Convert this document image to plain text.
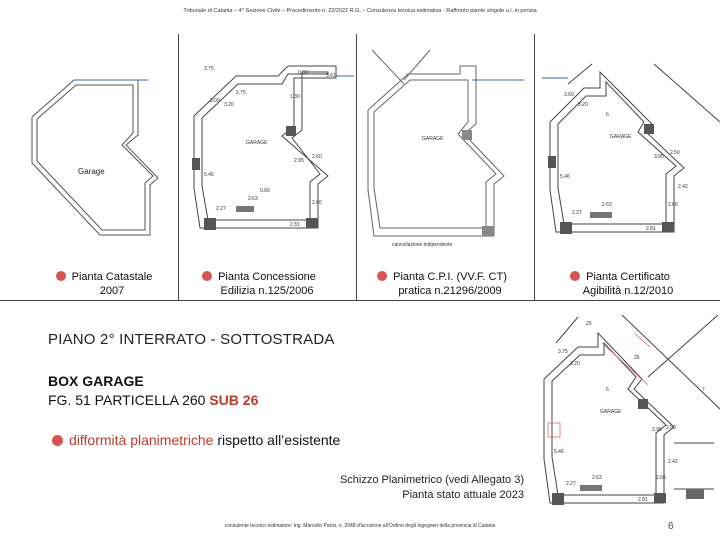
Tribunale di Catania – 4^ Sezione Civile – Procedimento n. 22/2022 R.G. – Consulenza tecnica estimativa - Raffronto piante singole u.i. in perizia
Garage
GARAGE
3.75
2.75
3.61
3.00
3.20
1.30
2.95
2.66
2.60
5.46
2.27
2.63
2.81
0.93
0.60
GARAGE
cancellazione indipendente
GARAGE
6
3.60
3.20
2.50
3.95
2.42
2.66
5.46
2.27
2.63
2.81
Pianta Catastale
2007
Pianta Concessione
Edilizia n.125/2006
Pianta C.P.I. (VV.F. CT)
pratica n.21296/2009
Pianta Certificato
Agibilità n.12/2010
PIANO 2° INTERRATO - SOTTOSTRADA
BOX GARAGE
FG. 51 PARTICELLA 260 SUB 26
difformità planimetriche rispetto all’esistente
Schizzo Planimetrico (vedi Allegato 3)
Pianta stato attuale 2023
GARAGE
6	7
3.75
3.20
2.50
3.95
2.42
2.66
5.46
2.27
2.63
2.81
25
26
consulente tecnico estimatore: Ing. Marcello Parisi, n. 2048 d'iscrizione all'Ordine degli Ingegneri della provincia di Catania	6
